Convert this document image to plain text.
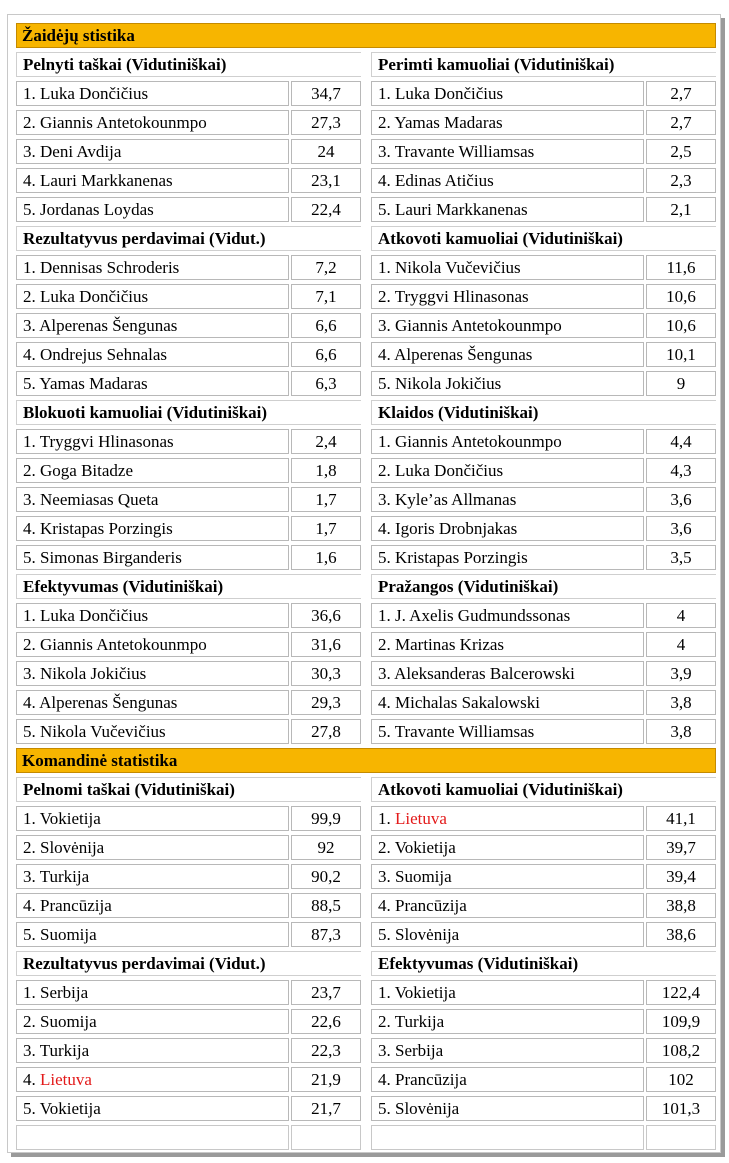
Žaidėjų stistika
Pelnyti taškai (Vidutiniškai)
1. Luka Dončičius	34,7
2. Giannis Antetokounmpo	27,3
3. Deni Avdija	24
4. Lauri Markkanenas	23,1
5. Jordanas Loydas	22,4
Perimti kamuoliai (Vidutiniškai)
1. Luka Dončičius	2,7
2. Yamas Madaras	2,7
3. Travante Williamsas	2,5
4. Edinas Atičius	2,3
5. Lauri Markkanenas	2,1
Rezultatyvus perdavimai (Vidut.)
1. Dennisas Schroderis	7,2
2. Luka Dončičius	7,1
3. Alperenas Šengunas	6,6
4. Ondrejus Sehnalas	6,6
5. Yamas Madaras	6,3
Atkovoti kamuoliai (Vidutiniškai)
1. Nikola Vučevičius	11,6
2. Tryggvi Hlinasonas	10,6
3. Giannis Antetokounmpo	10,6
4. Alperenas Šengunas	10,1
5. Nikola Jokičius	9
Blokuoti kamuoliai (Vidutiniškai)
1. Tryggvi Hlinasonas	2,4
2. Goga Bitadze	1,8
3. Neemiasas Queta	1,7
4. Kristapas Porzingis	1,7
5. Simonas Birganderis	1,6
Klaidos (Vidutiniškai)
1. Giannis Antetokounmpo	4,4
2. Luka Dončičius	4,3
3. Kyle’as Allmanas	3,6
4. Igoris Drobnjakas	3,6
5. Kristapas Porzingis	3,5
Efektyvumas (Vidutiniškai)
1. Luka Dončičius	36,6
2. Giannis Antetokounmpo	31,6
3. Nikola Jokičius	30,3
4. Alperenas Šengunas	29,3
5. Nikola Vučevičius	27,8
Pražangos (Vidutiniškai)
1. J. Axelis Gudmundssonas	4
2. Martinas Krizas	4
3. Aleksanderas Balcerowski	3,9
4. Michalas Sakalowski	3,8
5. Travante Williamsas	3,8
Komandinė statistika
Pelnomi taškai (Vidutiniškai)
1. Vokietija	99,9
2. Slovėnija	92
3. Turkija	90,2
4. Prancūzija	88,5
5. Suomija	87,3
Atkovoti kamuoliai (Vidutiniškai)
1. Lietuva	41,1
2. Vokietija	39,7
3. Suomija	39,4
4. Prancūzija	38,8
5. Slovėnija	38,6
Rezultatyvus perdavimai (Vidut.)
1. Serbija	23,7
2. Suomija	22,6
3. Turkija	22,3
4. Lietuva	21,9
5. Vokietija	21,7
Efektyvumas (Vidutiniškai)
1. Vokietija	122,4
2. Turkija	109,9
3. Serbija	108,2
4. Prancūzija	102
5. Slovėnija	101,3
